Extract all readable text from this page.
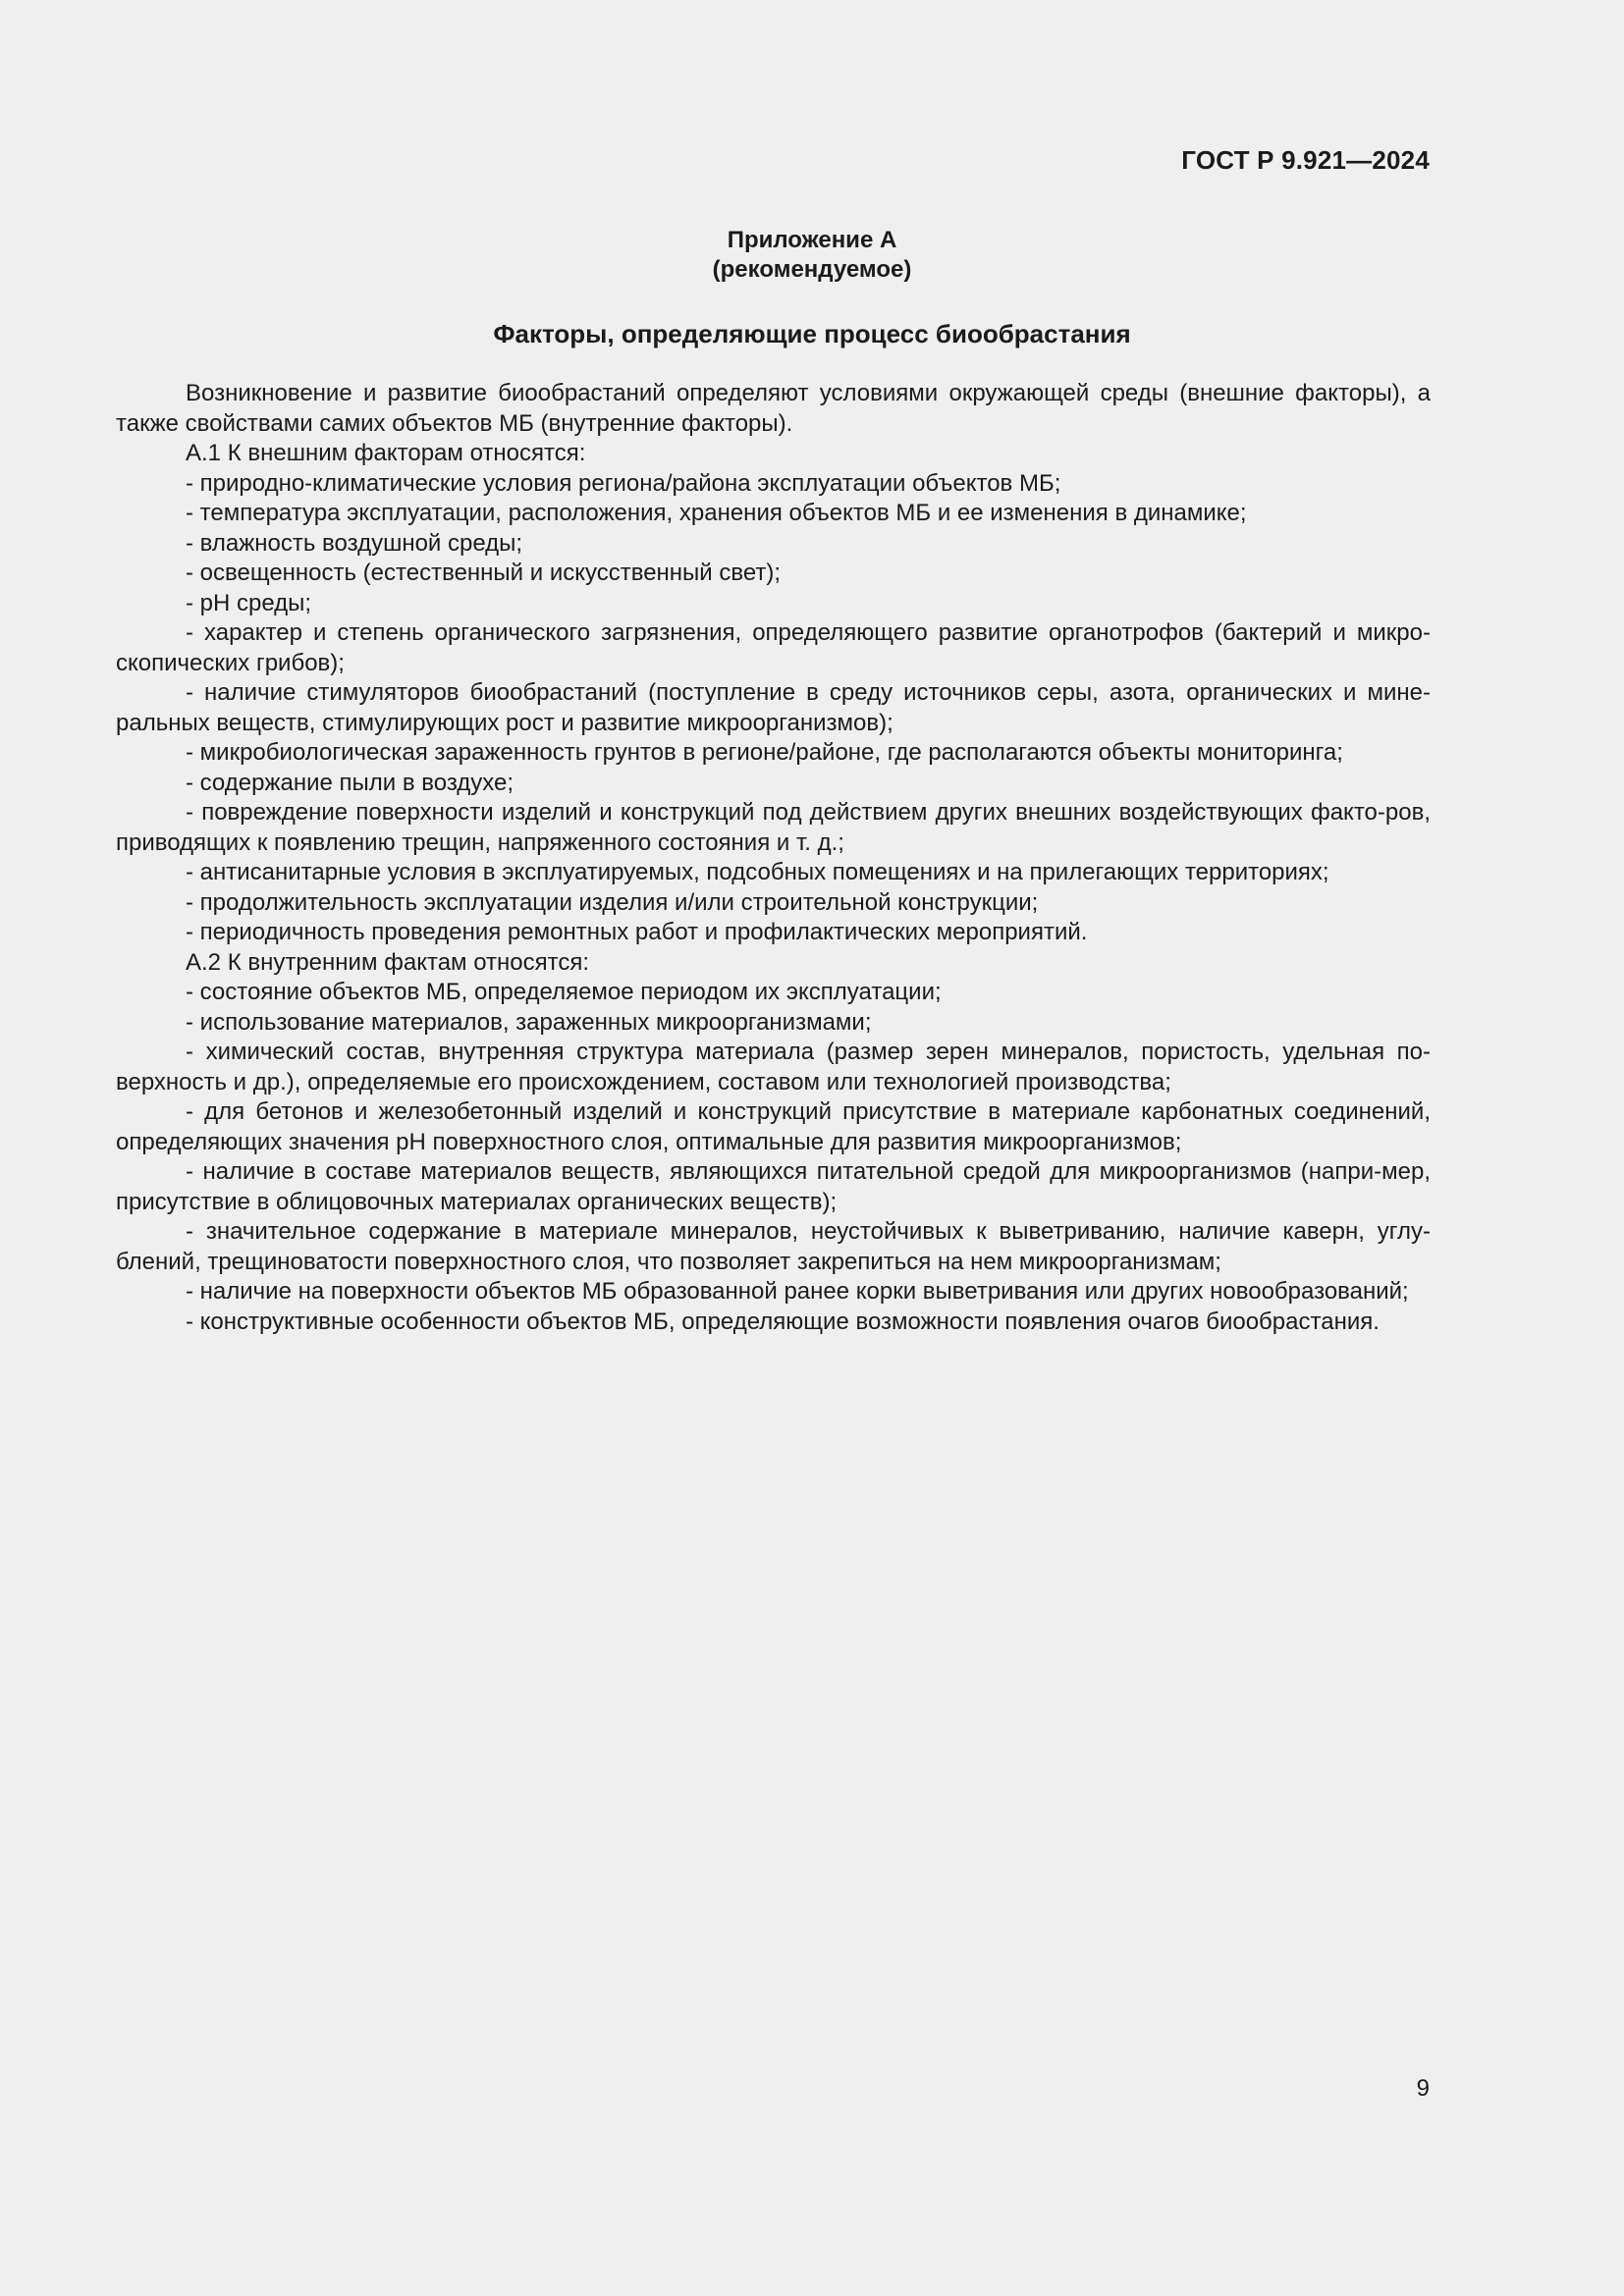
ГОСТ Р 9.921—2024
Приложение А
(рекомендуемое)
Факторы, определяющие процесс биообрастания

Возникновение и развитие биообрастаний определяют условиями окружающей среды (внешние факторы), а также свойствами самих объектов МБ (внутренние факторы).

А.1 К внешним факторам относятся:

- природно-климатические условия региона/района эксплуатации объектов МБ;

- температура эксплуатации, расположения, хранения объектов МБ и ее изменения в динамике;

- влажность воздушной среды;

- освещенность (естественный и искусственный свет);

- pH среды;

- характер и степень органического загрязнения, определяющего развитие органотрофов (бактерий и микро-скопических грибов);

- наличие стимуляторов биообрастаний (поступление в среду источников серы, азота, органических и мине-ральных веществ, стимулирующих рост и развитие микроорганизмов);

- микробиологическая зараженность грунтов в регионе/районе, где располагаются объекты мониторинга;

- содержание пыли в воздухе;

- повреждение поверхности изделий и конструкций под действием других внешних воздействующих факто-ров, приводящих к появлению трещин, напряженного состояния и т. д.;

- антисанитарные условия в эксплуатируемых, подсобных помещениях и на прилегающих территориях;

- продолжительность эксплуатации изделия и/или строительной конструкции;

- периодичность проведения ремонтных работ и профилактических мероприятий.

А.2 К внутренним фактам относятся:

- состояние объектов МБ, определяемое периодом их эксплуатации;

- использование материалов, зараженных микроорганизмами;

- химический состав, внутренняя структура материала (размер зерен минералов, пористость, удельная по-верхность и др.), определяемые его происхождением, составом или технологией производства;

- для бетонов и железобетонный изделий и конструкций присутствие в материале карбонатных соединений, определяющих значения pH поверхностного слоя, оптимальные для развития микроорганизмов;

- наличие в составе материалов веществ, являющихся питательной средой для микроорганизмов (напри-мер, присутствие в облицовочных материалах органических веществ);

- значительное содержание в материале минералов, неустойчивых к выветриванию, наличие каверн, углу-блений, трещиноватости поверхностного слоя, что позволяет закрепиться на нем микроорганизмам;

- наличие на поверхности объектов МБ образованной ранее корки выветривания или других новообразований;

- конструктивные особенности объектов МБ, определяющие возможности появления очагов биообрастания.

9
